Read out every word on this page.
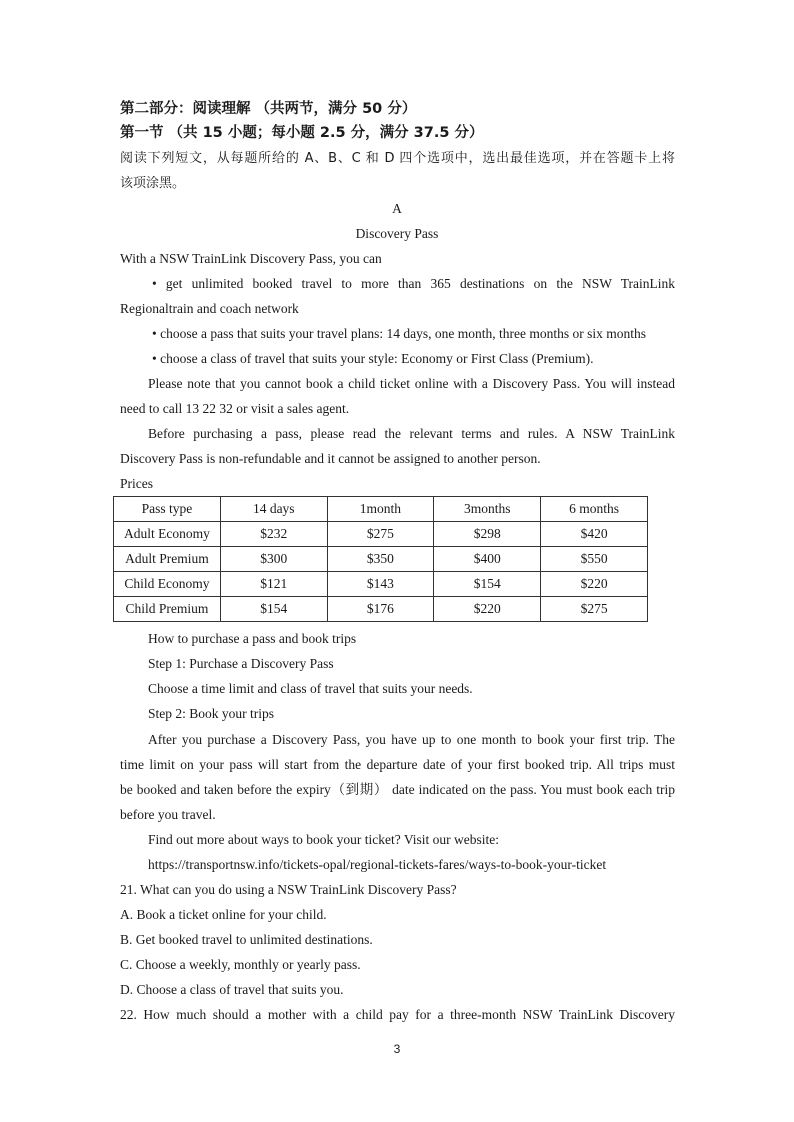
第二部分：阅读理解 （共两节，满分 50 分）
第一节 （共 15 小题；每小题 2.5 分，满分 37.5 分）
阅读下列短文，从每题所给的 A、B、C 和 D 四个选项中，选出最佳选项，并在答题卡上将
该项涂黑。
A
Discovery Pass
With a NSW TrainLink Discovery Pass, you can
• get unlimited booked travel to more than 365 destinations on the NSW TrainLink
Regionaltrain and coach network
• choose a pass that suits your travel plans: 14 days, one month, three months or six months
• choose a class of travel that suits your style: Economy or First Class (Premium).
Please note that you cannot book a child ticket online with a Discovery Pass. You will instead
need to call 13 22 32 or visit a sales agent.
Before purchasing a pass, please read the relevant terms and rules. A NSW TrainLink
Discovery Pass is non-refundable and it cannot be assigned to another person.
Prices
Pass type	14 days	1month	3months	6 months
Adult Economy	$232	$275	$298	$420
Adult Premium	$300	$350	$400	$550
Child Economy	$121	$143	$154	$220
Child Premium	$154	$176	$220	$275
How to purchase a pass and book trips
Step 1: Purchase a Discovery Pass
Choose a time limit and class of travel that suits your needs.
Step 2: Book your trips
After you purchase a Discovery Pass, you have up to one month to book your first trip. The
time limit on your pass will start from the departure date of your first booked trip. All trips must
be booked and taken before the expiry（到期） date indicated on the pass. You must book each trip
before you travel.
Find out more about ways to book your ticket? Visit our website:
https://transportnsw.info/tickets-opal/regional-tickets-fares/ways-to-book-your-ticket
21. What can you do using a NSW TrainLink Discovery Pass?
A. Book a ticket online for your child.
B. Get booked travel to unlimited destinations.
C. Choose a weekly, monthly or yearly pass.
D. Choose a class of travel that suits you.
22. How much should a mother with a child pay for a three-month NSW TrainLink Discovery
3
